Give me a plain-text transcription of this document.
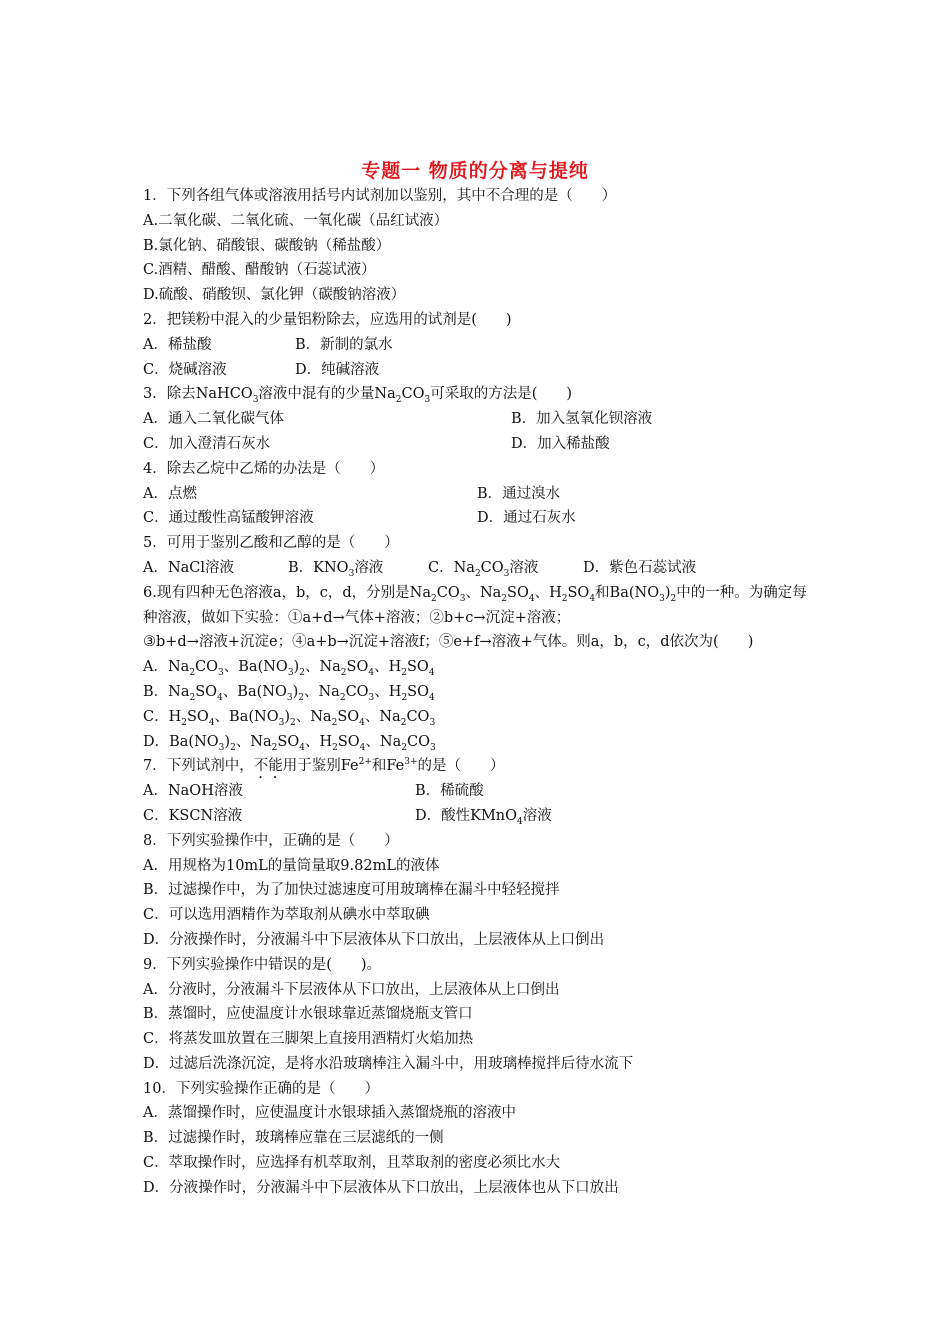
专题一 物质的分离与提纯
1．下列各组气体或溶液用括号内试剂加以鉴别，其中不合理的是（　　）
A.二氧化碳、二氧化硫、一氧化碳（品红试液）
B.氯化钠、硝酸银、碳酸钠（稀盐酸）
C.酒精、醋酸、醋酸钠（石蕊试液）
D.硫酸、硝酸钡、氯化钾（碳酸钠溶液）
2．把镁粉中混入的少量铝粉除去，应选用的试剂是(　　)
A．稀盐酸	B．新制的氯水
C．烧碱溶液	D．纯碱溶液
3．除去NaHCO$_3$溶液中混有的少量$Na_2CO_3$可采取的方法是(　　)
A．通入二氧化碳气体	B．加入氢氧化钡溶液
C．加入澄清石灰水	D．加入稀盐酸
4．除去乙烷中乙烯的办法是（　　）
A．点燃	B．通过溴水
C．通过酸性高锰酸钾溶液	D．通过石灰水
5．可用于鉴别乙酸和乙醇的是（　　）
A．NaCl溶液	B．$KNO_3$溶液	C．$Na_2CO_3$溶液	D．紫色石蕊试液
6.现有四种无色溶液a，b，c，d，分别是$Na_2CO_3$、$Na_2SO_4$、$H_2SO_4$和$Ba(NO_3)_2$中的一种。为确定每
种溶液，做如下实验：①a+d→气体+溶液；②b+c→沉淀+溶液；
③b+d→溶液+沉淀e；④a+b→沉淀+溶液f；⑤e+f→溶液+气体。则a，b，c，d依次为(　　)
A．$Na_2CO_3$、$Ba(NO_3)_2$、$Na_2SO_4$、$H_2SO_4$
B．$Na_2SO_4$、$Ba(NO_3)_2$、$Na_2CO_3$、$H_2SO_4$
C．$H_2SO_4$、$Ba(NO_3)_2$、$Na_2SO_4$、$Na_2CO_3$
D．$Ba(NO_3)_2$、$Na_2SO_4$、$H_2SO_4$、$Na_2CO_3$
7．下列试剂中，不能用于鉴别$Fe^{2+}$和$Fe^{3+}$的是（　　）
A．NaOH溶液	B．稀硫酸
C．KSCN溶液	D．酸性KMnO$_4$溶液
8．下列实验操作中，正确的是（　　）
A．用规格为10mL的量筒量取9.82mL的液体
B．过滤操作中，为了加快过滤速度可用玻璃棒在漏斗中轻轻搅拌
C．可以选用酒精作为萃取剂从碘水中萃取碘
D．分液操作时，分液漏斗中下层液体从下口放出，上层液体从上口倒出
9．下列实验操作中错误的是(　　)。
A．分液时，分液漏斗下层液体从下口放出，上层液体从上口倒出
B．蒸馏时，应使温度计水银球靠近蒸馏烧瓶支管口
C．将蒸发皿放置在三脚架上直接用酒精灯火焰加热
D．过滤后洗涤沉淀，是将水沿玻璃棒注入漏斗中，用玻璃棒搅拌后待水流下
10．下列实验操作正确的是（　　）
A．蒸馏操作时，应使温度计水银球插入蒸馏烧瓶的溶液中
B．过滤操作时，玻璃棒应靠在三层滤纸的一侧
C．萃取操作时，应选择有机萃取剂，且萃取剂的密度必须比水大
D．分液操作时，分液漏斗中下层液体从下口放出，上层液体也从下口放出
